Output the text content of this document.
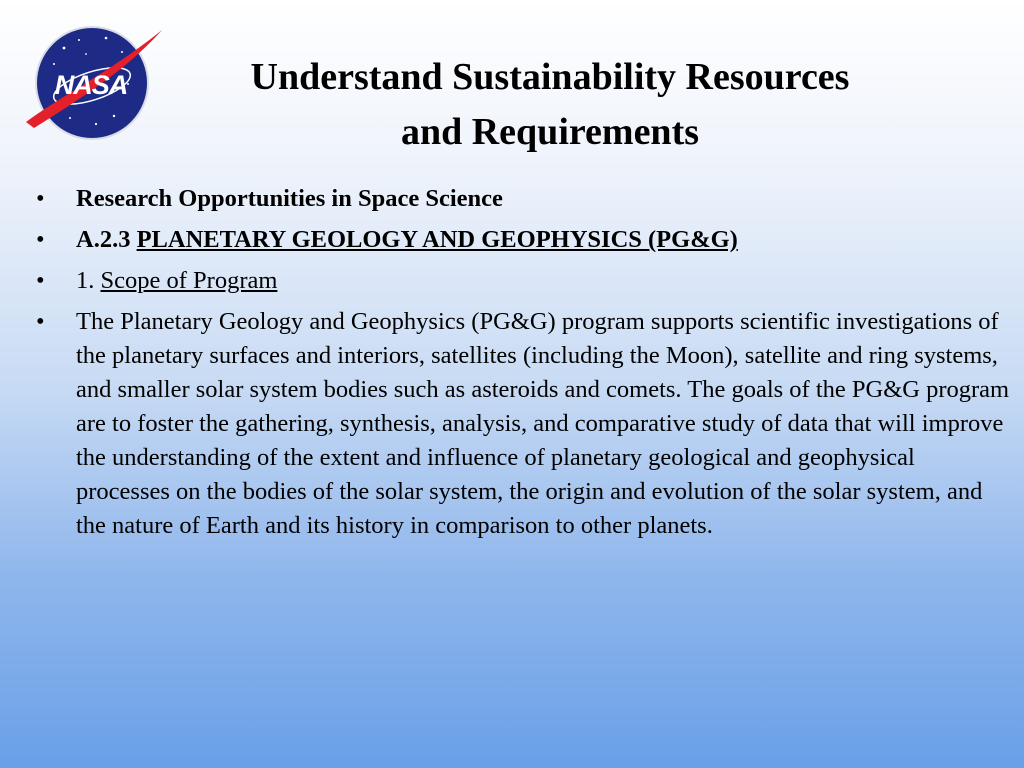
NASA	Understand Sustainability Resources
and Requirements
• Research Opportunities in Space Science
• A.2.3 PLANETARY GEOLOGY AND GEOPHYSICS (PG&G)
• 1. Scope of Program
• The Planetary Geology and Geophysics (PG&G) program supports scientific investigations of the planetary surfaces and interiors, satellites (including the Moon), satellite and ring systems, and smaller solar system bodies such as asteroids and comets. The goals of the PG&G program are to foster the gathering, synthesis, analysis, and comparative study of data that will improve the understanding of the extent and influence of planetary geological and geophysical processes on the bodies of the solar system, the origin and evolution of the solar system, and the nature of Earth and its history in comparison to other planets.
